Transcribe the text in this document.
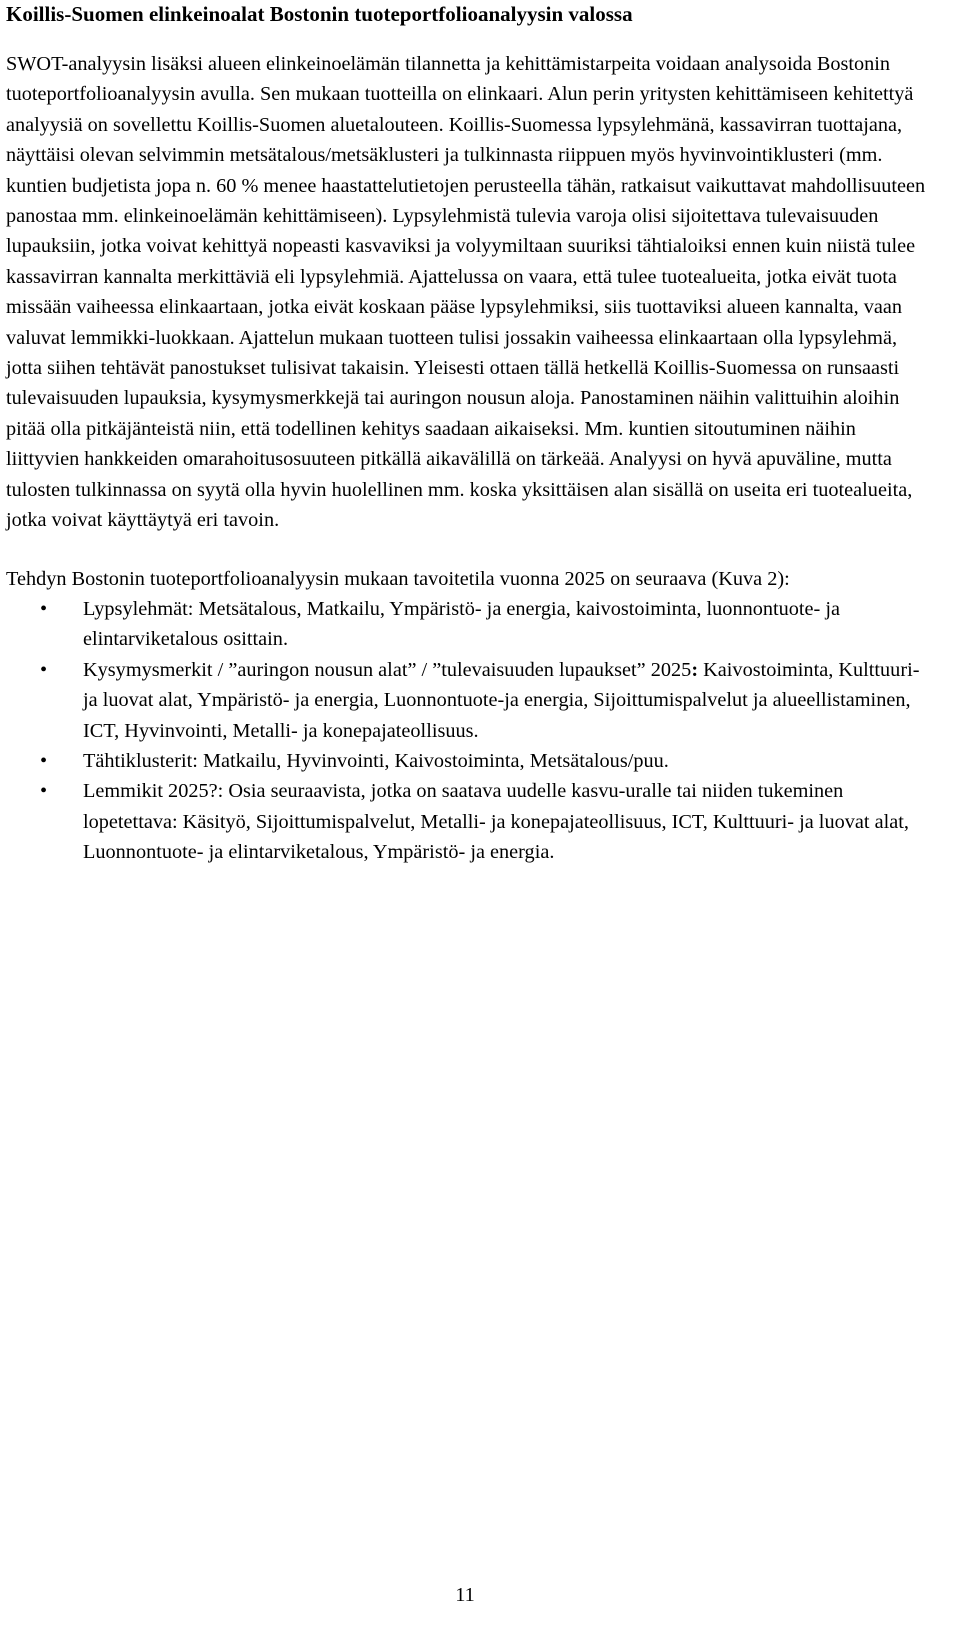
Koillis-Suomen elinkeinoalat Bostonin tuoteportfolioanalyysin valossa

SWOT-analyysin lisäksi alueen elinkeinoelämän tilannetta ja kehittämistarpeita voidaan analysoida Bostonin tuoteportfolioanalyysin avulla. Sen mukaan tuotteilla on elinkaari. Alun perin yritysten kehittämiseen kehitettyä analyysiä on sovellettu Koillis-Suomen aluetalouteen. Koillis-Suomessa lypsylehmänä, kassavirran tuottajana, näyttäisi olevan selvimmin metsätalous/metsäklusteri ja tulkinnasta riippuen myös hyvinvointiklusteri (mm. kuntien budjetista jopa n. 60 % menee haastattelutietojen perusteella tähän, ratkaisut vaikuttavat mahdollisuuteen panostaa mm. elinkeinoelämän kehittämiseen). Lypsylehmistä tulevia varoja olisi sijoitettava tulevaisuuden lupauksiin, jotka voivat kehittyä nopeasti kasvaviksi ja volyymiltaan suuriksi tähtialoiksi ennen kuin niistä tulee kassavirran kannalta merkittäviä eli lypsylehmiä. Ajattelussa on vaara, että tulee tuotealueita, jotka eivät tuota missään vaiheessa elinkaartaan, jotka eivät koskaan pääse lypsylehmiksi, siis tuottaviksi alueen kannalta, vaan valuvat lemmikki-luokkaan. Ajattelun mukaan tuotteen tulisi jossakin vaiheessa elinkaartaan olla lypsylehmä, jotta siihen tehtävät panostukset tulisivat takaisin. Yleisesti ottaen tällä hetkellä Koillis-Suomessa on runsaasti tulevaisuuden lupauksia, kysymysmerkkejä tai auringon nousun aloja. Panostaminen näihin valittuihin aloihin pitää olla pitkäjänteistä niin, että todellinen kehitys saadaan aikaiseksi. Mm. kuntien sitoutuminen näihin liittyvien hankkeiden omarahoitusosuuteen pitkällä aikavälillä on tärkeää. Analyysi on hyvä apuväline, mutta tulosten tulkinnassa on syytä olla hyvin huolellinen mm. koska yksittäisen alan sisällä on useita eri tuotealueita, jotka voivat käyttäytyä eri tavoin.

Tehdyn Bostonin tuoteportfolioanalyysin mukaan tavoitetila vuonna 2025 on seuraava (Kuva 2):

• Lypsylehmät: Metsätalous, Matkailu, Ympäristö- ja energia, kaivostoiminta, luonnontuote- ja elintarviketalous osittain.
• Kysymysmerkit / ”auringon nousun alat” / ”tulevaisuuden lupaukset” 2025: Kaivostoiminta, Kulttuuri- ja luovat alat, Ympäristö- ja energia, Luonnontuote-ja energia, Sijoittumispalvelut ja alueellistaminen, ICT, Hyvinvointi, Metalli- ja konepajateollisuus.
• Tähtiklusterit: Matkailu, Hyvinvointi, Kaivostoiminta, Metsätalous/puu.
• Lemmikit 2025?: Osia seuraavista, jotka on saatava uudelle kasvu-uralle tai niiden tukeminen lopetettava: Käsityö, Sijoittumispalvelut, Metalli- ja konepajateollisuus, ICT, Kulttuuri- ja luovat alat, Luonnontuote- ja elintarviketalous, Ympäristö- ja energia.
11
